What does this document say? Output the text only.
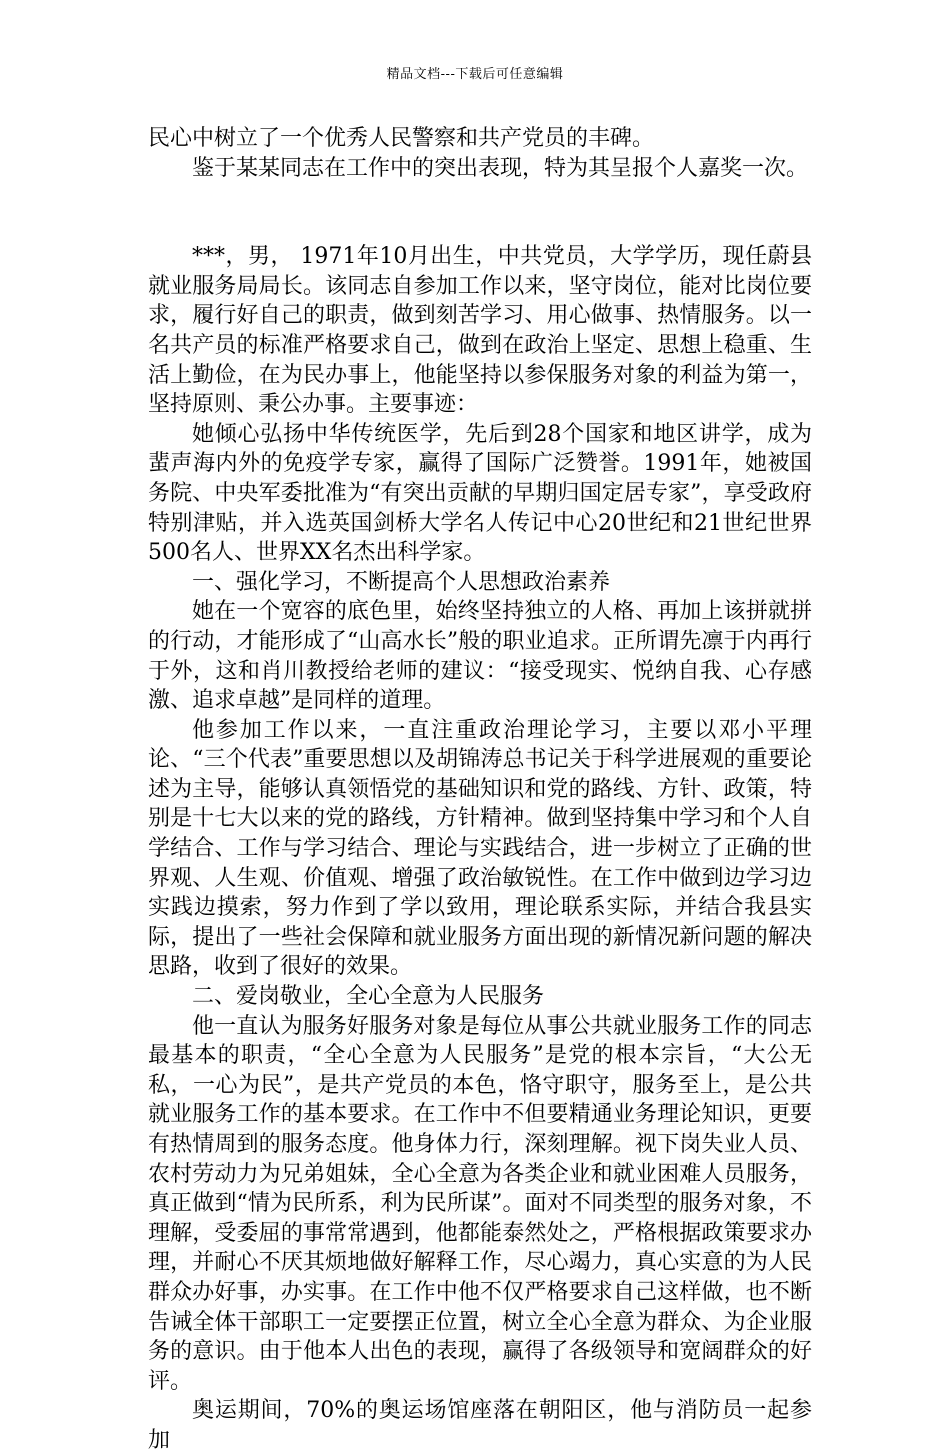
精品文档---下载后可任意编辑

民心中树立了一个优秀人民警察和共产党员的丰碑。

鉴于某某同志在工作中的突出表现，特为其呈报个人嘉奖一次。

***，男， 1971年10月出生，中共党员，大学学历，现任蔚县就业服务局局长。该同志自参加工作以来，坚守岗位，能对比岗位要求，履行好自己的职责，做到刻苦学习、用心做事、热情服务。以一名共产员的标准严格要求自己，做到在政治上坚定、思想上稳重、生活上勤俭，在为民办事上，他能坚持以参保服务对象的利益为第一，坚持原则、秉公办事。主要事迹：

她倾心弘扬中华传统医学，先后到28个国家和地区讲学，成为蜚声海内外的免疫学专家，赢得了国际广泛赞誉。1991年，她被国务院、中央军委批准为“有突出贡献的早期归国定居专家”，享受政府特别津贴，并入选英国剑桥大学名人传记中心20世纪和21世纪世界500名人、世界XX名杰出科学家。

一、强化学习，不断提高个人思想政治素养

她在一个宽容的底色里，始终坚持独立的人格、再加上该拼就拼的行动，才能形成了“山高水长”般的职业追求。正所谓先凛于内再行于外，这和肖川教授给老师的建议：“接受现实、悦纳自我、心存感激、追求卓越”是同样的道理。

他参加工作以来，一直注重政治理论学习，主要以邓小平理论、“三个代表”重要思想以及胡锦涛总书记关于科学进展观的重要论述为主导，能够认真领悟党的基础知识和党的路线、方针、政策，特别是十七大以来的党的路线，方针精神。做到坚持集中学习和个人自学结合、工作与学习结合、理论与实践结合，进一步树立了正确的世界观、人生观、价值观、增强了政治敏锐性。在工作中做到边学习边实践边摸索，努力作到了学以致用，理论联系实际，并结合我县实际，提出了一些社会保障和就业服务方面出现的新情况新问题的解决思路，收到了很好的效果。

二、爱岗敬业，全心全意为人民服务

他一直认为服务好服务对象是每位从事公共就业服务工作的同志最基本的职责，“全心全意为人民服务”是党的根本宗旨，“大公无私，一心为民”，是共产党员的本色，恪守职守，服务至上，是公共就业服务工作的基本要求。在工作中不但要精通业务理论知识，更要有热情周到的服务态度。他身体力行，深刻理解。视下岗失业人员、农村劳动力为兄弟姐妹，全心全意为各类企业和就业困难人员服务，真正做到“情为民所系，利为民所谋”。面对不同类型的服务对象，不理解，受委屈的事常常遇到，他都能泰然处之，严格根据政策要求办理，并耐心不厌其烦地做好解释工作，尽心竭力，真心实意的为人民群众办好事，办实事。在工作中他不仅严格要求自己这样做，也不断告诫全体干部职工一定要摆正位置，树立全心全意为群众、为企业服务的意识。由于他本人出色的表现，赢得了各级领导和宽阔群众的好评。

奥运期间，70%的奥运场馆座落在朝阳区，他与消防员一起参加
